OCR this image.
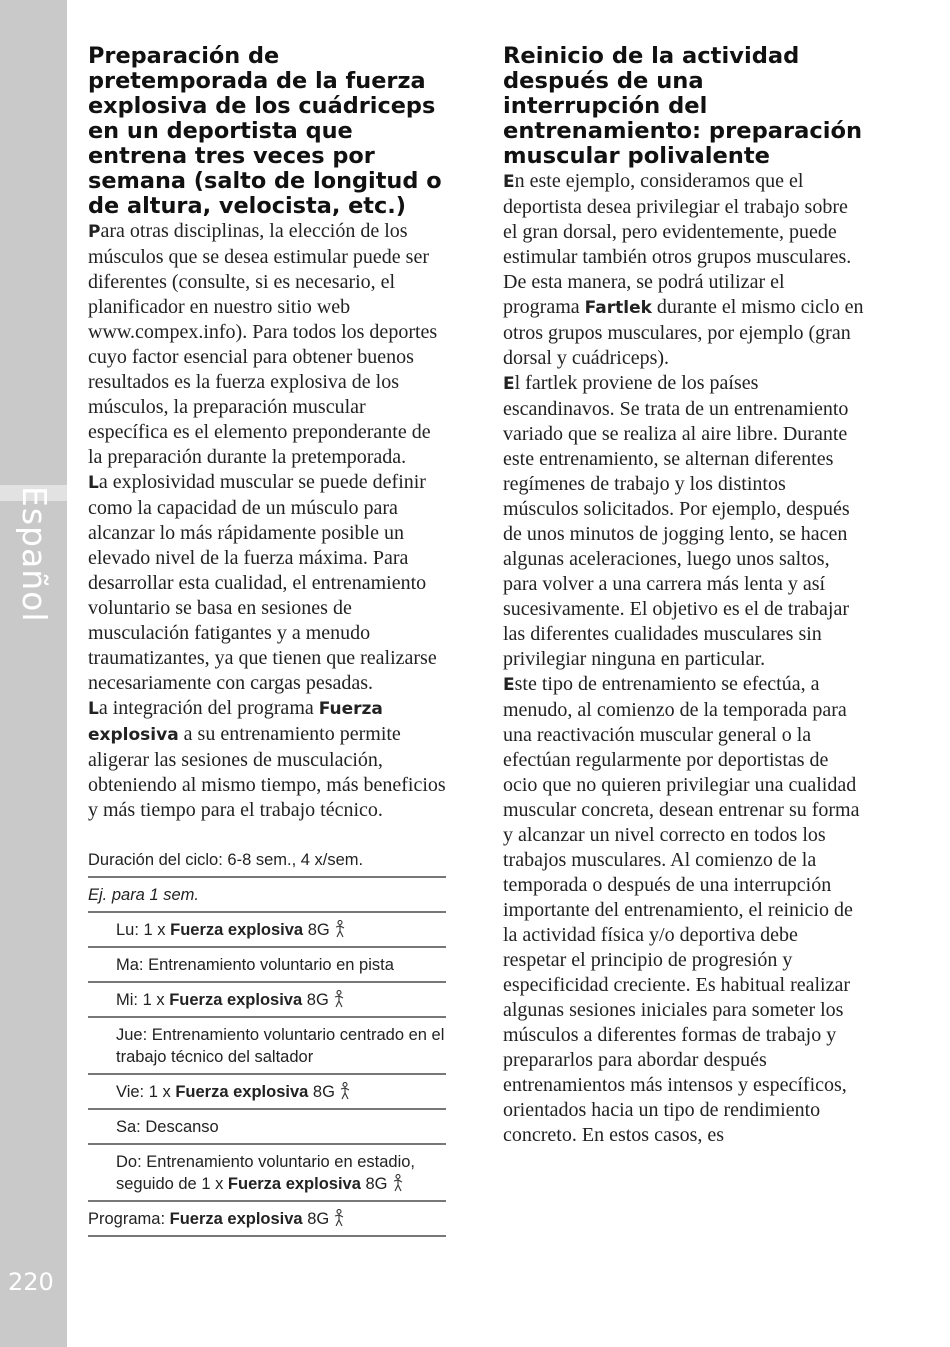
Español
220
Preparación de pretemporada de la fuerza explosiva de los cuádriceps en un deportista que entrena tres veces por semana (salto de longitud o de altura, velocista, etc.)

Para otras disciplinas, la elección de los músculos que se desea estimular puede ser diferentes (consulte, si es necesario, el planificador en nuestro sitio web www.compex.info). Para todos los deportes cuyo factor esencial para obtener buenos resultados es la fuerza explosiva de los músculos, la preparación muscular específica es el elemento preponderante de la preparación durante la pretemporada.

La explosividad muscular se puede definir como la capacidad de un músculo para alcanzar lo más rápidamente posible un elevado nivel de la fuerza máxima. Para desarrollar esta cualidad, el entrenamiento voluntario se basa en sesiones de musculación fatigantes y a menudo traumatizantes, ya que tienen que realizarse necesariamente con cargas pesadas.

La integración del programa Fuerza explosiva a su entrenamiento permite aligerar las sesiones de musculación, obteniendo al mismo tiempo, más beneficios y más tiempo para el trabajo técnico.

Duración del ciclo: 6-8 sem., 4 x/sem.
Ej. para 1 sem.
Lu: 1 x Fuerza explosiva 8G
Ma: Entrenamiento voluntario en pista
Mi: 1 x Fuerza explosiva 8G
Jue: Entrenamiento voluntario centrado en el trabajo técnico del saltador
Vie: 1 x Fuerza explosiva 8G
Sa: Descanso
Do: Entrenamiento voluntario en estadio,
seguido de 1 x Fuerza explosiva 8G
Programa: Fuerza explosiva 8G
Reinicio de la actividad después de una interrupción del entrenamiento: preparación muscular polivalente

En este ejemplo, consideramos que el deportista desea privilegiar el trabajo sobre el gran dorsal, pero evidentemente, puede estimular también otros grupos musculares. De esta manera, se podrá utilizar el programa Fartlek durante el mismo ciclo en otros grupos musculares, por ejemplo (gran dorsal y cuádriceps).

El fartlek proviene de los países escandinavos. Se trata de un entrenamiento variado que se realiza al aire libre. Durante este entrenamiento, se alternan diferentes regímenes de trabajo y los distintos músculos solicitados. Por ejemplo, después de unos minutos de jogging lento, se hacen algunas aceleraciones, luego unos saltos, para volver a una carrera más lenta y así sucesivamente. El objetivo es el de trabajar las diferentes cualidades musculares sin privilegiar ninguna en particular.

Este tipo de entrenamiento se efectúa, a menudo, al comienzo de la temporada para una reactivación muscular general o la efectúan regularmente por deportistas de ocio que no quieren privilegiar una cualidad muscular concreta, desean entrenar su forma y alcanzar un nivel correcto en todos los trabajos musculares. Al comienzo de la temporada o después de una interrupción importante del entrenamiento, el reinicio de la actividad física y/o deportiva debe respetar el principio de progresión y especificidad creciente. Es habitual realizar algunas sesiones iniciales para someter los músculos a diferentes formas de trabajo y prepararlos para abordar después entrenamientos más intensos y específicos, orientados hacia un tipo de rendimiento concreto. En estos casos, es
